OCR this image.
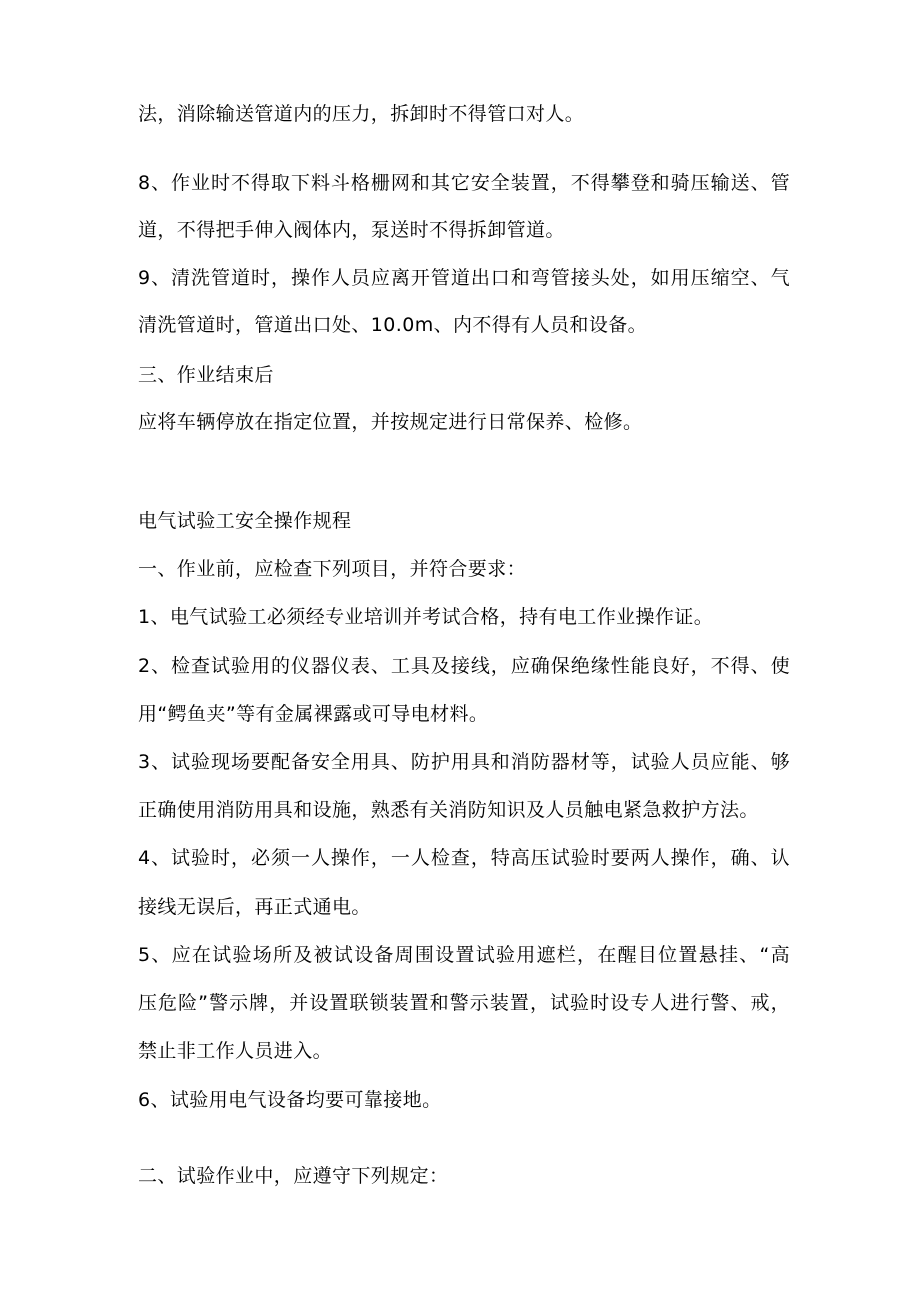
法，消除输送管道内的压力，拆卸时不得管口对人。

8、作业时不得取下料斗格栅网和其它安全装置，不得攀登和骑压输送、管

道，不得把手伸入阀体内，泵送时不得拆卸管道。

9、清洗管道时，操作人员应离开管道出口和弯管接头处，如用压缩空、气

清洗管道时，管道出口处、10.0m、内不得有人员和设备。

三、作业结束后

应将车辆停放在指定位置，并按规定进行日常保养、检修。

电气试验工安全操作规程

一、作业前，应检查下列项目，并符合要求：

1、电气试验工必须经专业培训并考试合格，持有电工作业操作证。

2、检查试验用的仪器仪表、工具及接线，应确保绝缘性能良好，不得、使

用“鳄鱼夹”等有金属裸露或可导电材料。

3、试验现场要配备安全用具、防护用具和消防器材等，试验人员应能、够

正确使用消防用具和设施，熟悉有关消防知识及人员触电紧急救护方法。

4、试验时，必须一人操作，一人检查，特高压试验时要两人操作，确、认

接线无误后，再正式通电。

5、应在试验场所及被试设备周围设置试验用遮栏，在醒目位置悬挂、“高

压危险”警示牌，并设置联锁装置和警示装置，试验时设专人进行警、戒，

禁止非工作人员进入。

6、试验用电气设备均要可靠接地。

二、试验作业中，应遵守下列规定：
